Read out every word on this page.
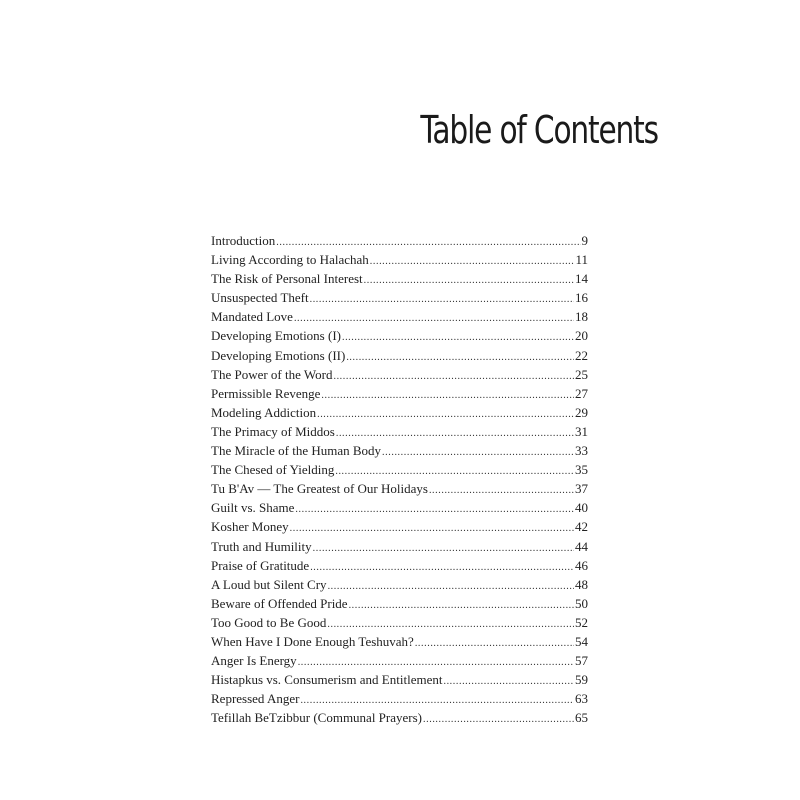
Table of Contents
Introduction .....	9
Living According to Halachah .....	11
The Risk of Personal Interest .....	14
Unsuspected Theft .....	16
Mandated Love .....	18
Developing Emotions (I) .....	20
Developing Emotions (II) .....	22
The Power of the Word .....	25
Permissible Revenge .....	27
Modeling Addiction .....	29
The Primacy of Middos .....	31
The Miracle of the Human Body .....	33
The Chesed of Yielding .....	35
Tu B'Av — The Greatest of Our Holidays .....	37
Guilt vs. Shame .....	40
Kosher Money .....	42
Truth and Humility .....	44
Praise of Gratitude .....	46
A Loud but Silent Cry .....	48
Beware of Offended Pride .....	50
Too Good to Be Good .....	52
When Have I Done Enough Teshuvah? .....	54
Anger Is Energy .....	57
Histapkus vs. Consumerism and Entitlement .....	59
Repressed Anger .....	63
Tefillah BeTzibbur (Communal Prayers) .....	65
